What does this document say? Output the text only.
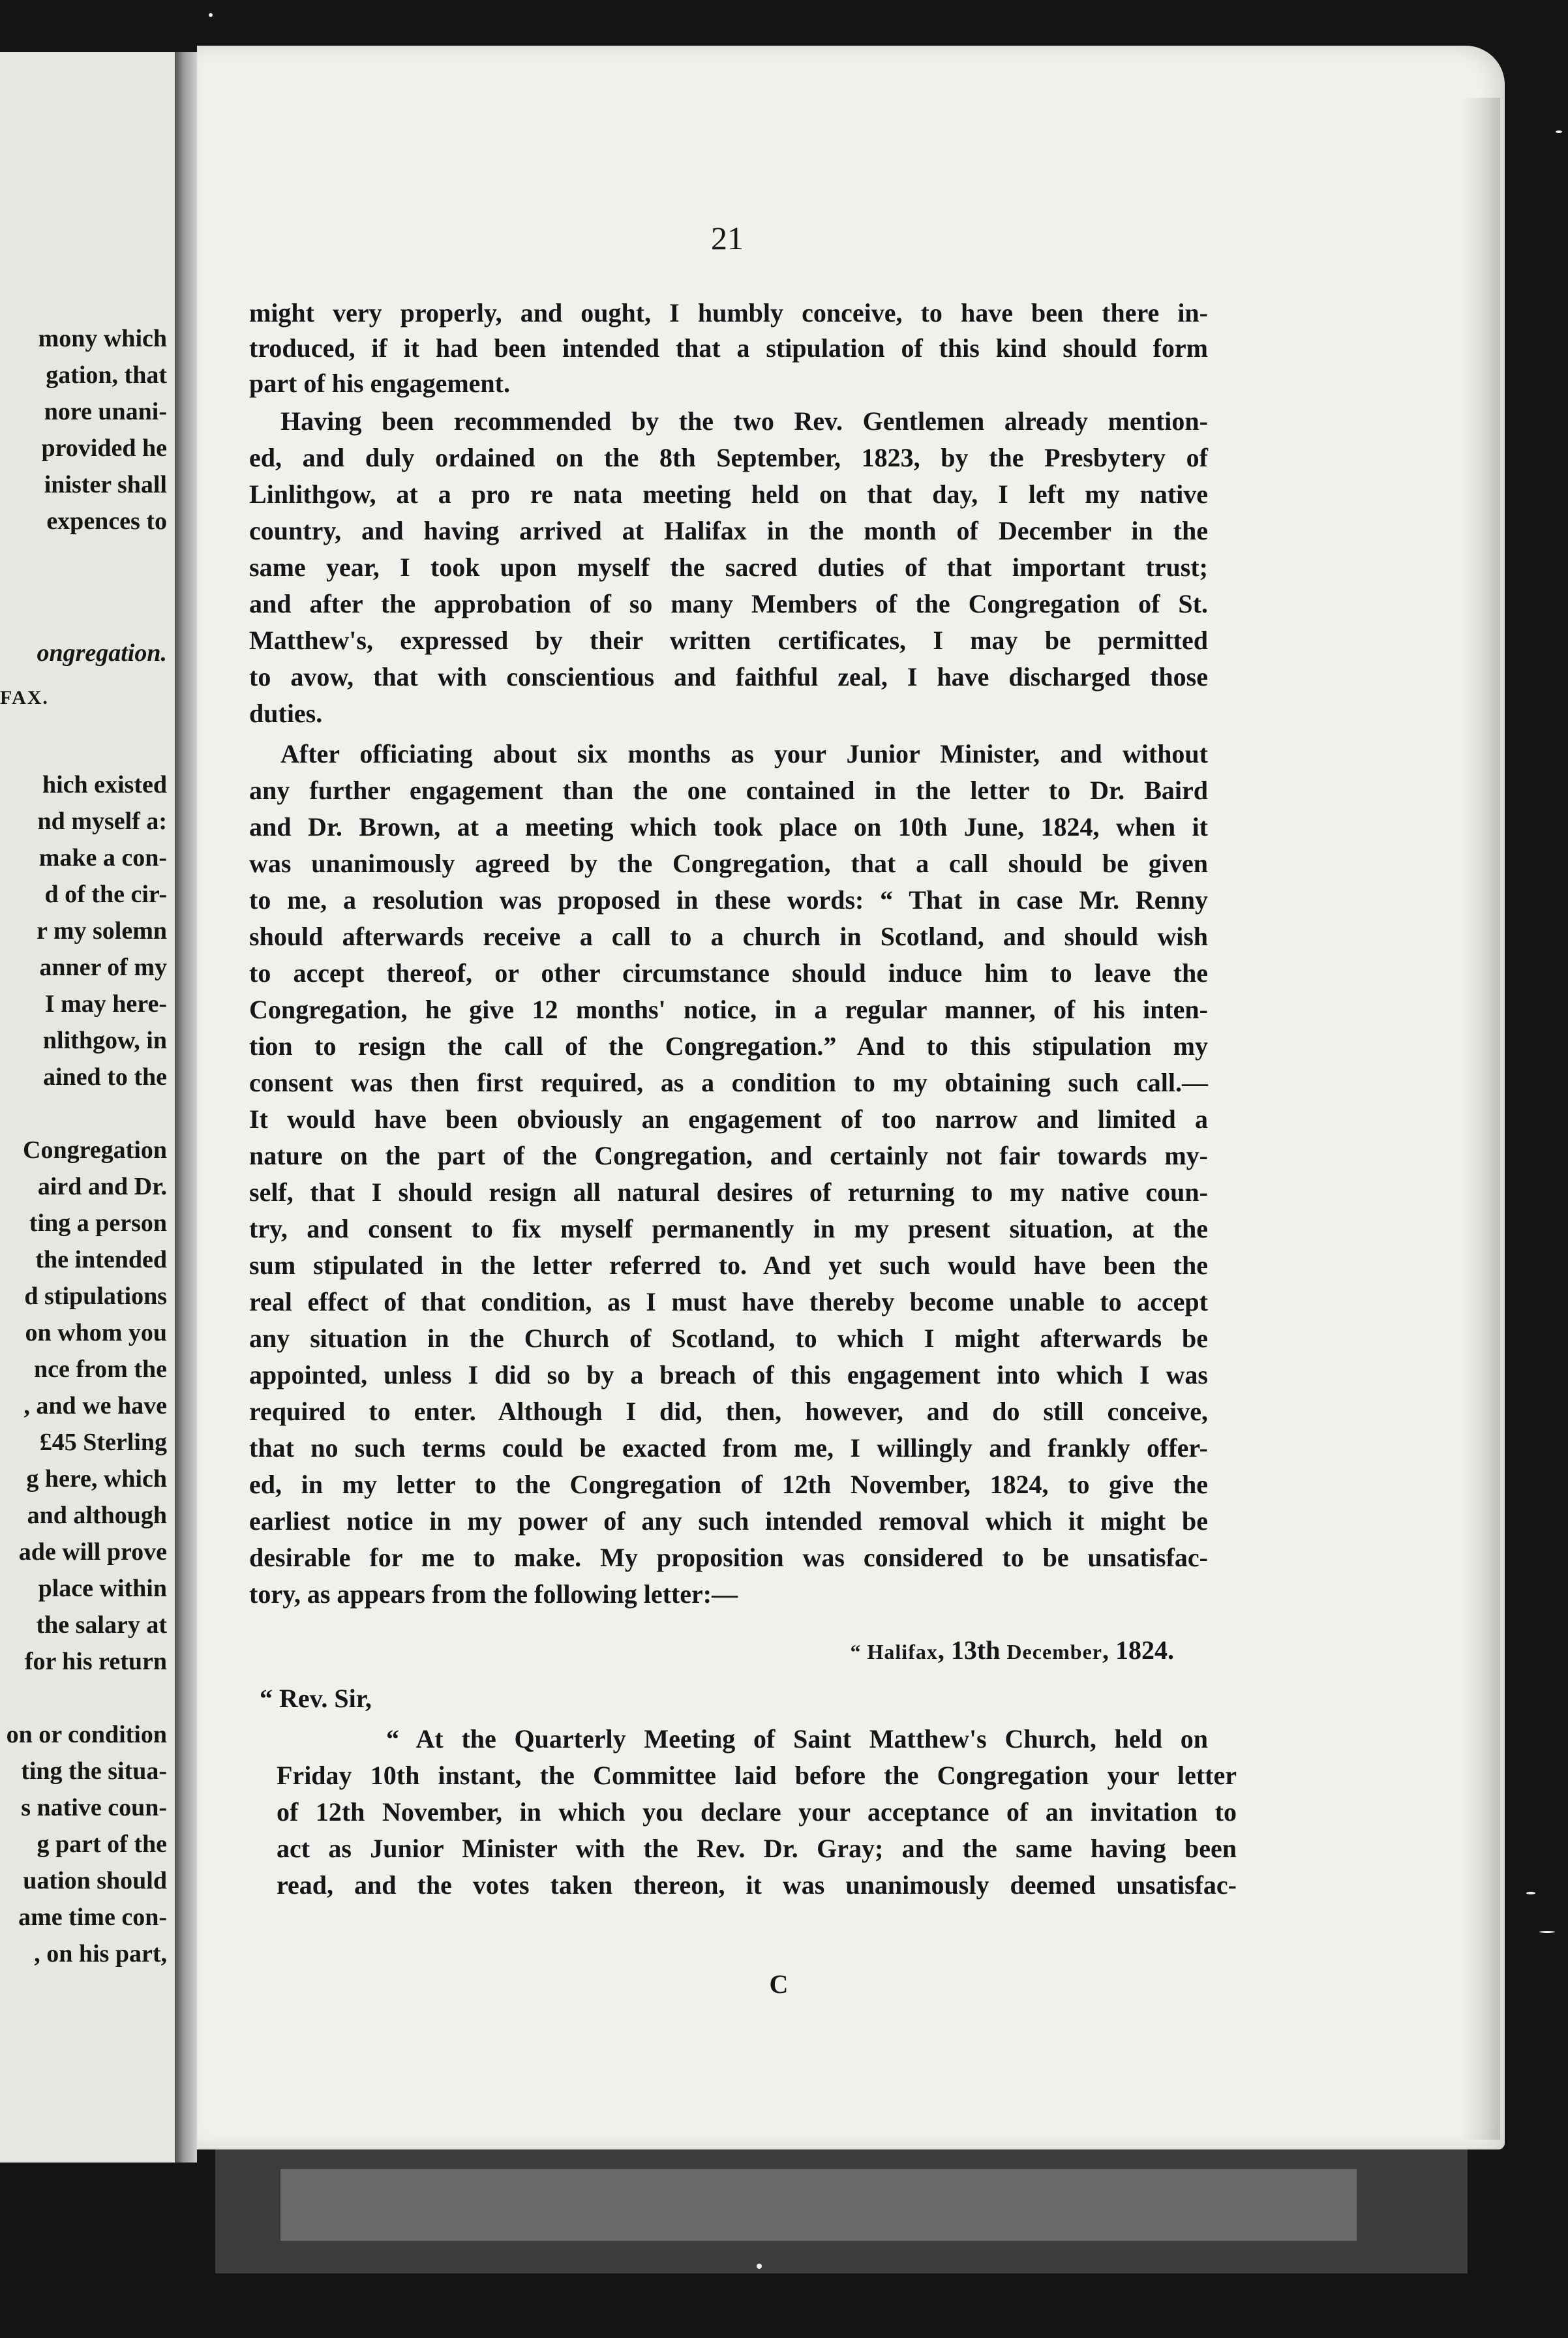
mony which
gation, that
nore unani-
provided he
inister shall
expences to
ongregation.
FAX.
hich existed
nd myself a:
make a con-
d of the cir-
r my solemn
anner of my
I may here-
nlithgow, in
ained to the
Congregation
aird and Dr.
ting a person
the intended
d stipulations
on whom you
nce from the
, and we have
£45 Sterling
g here, which
and although
ade will prove
place within
the salary at
for his return
on or condition
ting the situa-
s native coun-
g part of the
uation should
ame time con-
, on his part,
21
might very properly, and ought, I humbly conceive, to have been there in-
troduced, if it had been intended that a stipulation of this kind should form
part of his engagement.
Having been recommended by the two Rev. Gentlemen already mention-
ed, and duly ordained on the 8th September, 1823, by the Presbytery of
Linlithgow, at a pro re nata meeting held on that day, I left my native
country, and having arrived at Halifax in the month of December in the
same year, I took upon myself the sacred duties of that important trust;
and after the approbation of so many Members of the Congregation of St.
Matthew's, expressed by their written certificates, I may be permitted
to avow, that with conscientious and faithful zeal, I have discharged those
duties.
After officiating about six months as your Junior Minister, and without
any further engagement than the one contained in the letter to Dr. Baird
and Dr. Brown, at a meeting which took place on 10th June, 1824, when it
was unanimously agreed by the Congregation, that a call should be given
to me, a resolution was proposed in these words: “ That in case Mr. Renny
should afterwards receive a call to a church in Scotland, and should wish
to accept thereof, or other circumstance should induce him to leave the
Congregation, he give 12 months' notice, in a regular manner, of his inten-
tion to resign the call of the Congregation.” And to this stipulation my
consent was then first required, as a condition to my obtaining such call.—
It would have been obviously an engagement of too narrow and limited a
nature on the part of the Congregation, and certainly not fair towards my-
self, that I should resign all natural desires of returning to my native coun-
try, and consent to fix myself permanently in my present situation, at the
sum stipulated in the letter referred to. And yet such would have been the
real effect of that condition, as I must have thereby become unable to accept
any situation in the Church of Scotland, to which I might afterwards be
appointed, unless I did so by a breach of this engagement into which I was
required to enter. Although I did, then, however, and do still conceive,
that no such terms could be exacted from me, I willingly and frankly offer-
ed, in my letter to the Congregation of 12th November, 1824, to give the
earliest notice in my power of any such intended removal which it might be
desirable for me to make. My proposition was considered to be unsatisfac-
tory, as appears from the following letter:—
“ Halifax, 13th December, 1824.
“ Rev. Sir,
“ At the Quarterly Meeting of Saint Matthew's Church, held on
Friday 10th instant, the Committee laid before the Congregation your letter
of 12th November, in which you declare your acceptance of an invitation to
act as Junior Minister with the Rev. Dr. Gray; and the same having been
read, and the votes taken thereon, it was unanimously deemed unsatisfac-
C
